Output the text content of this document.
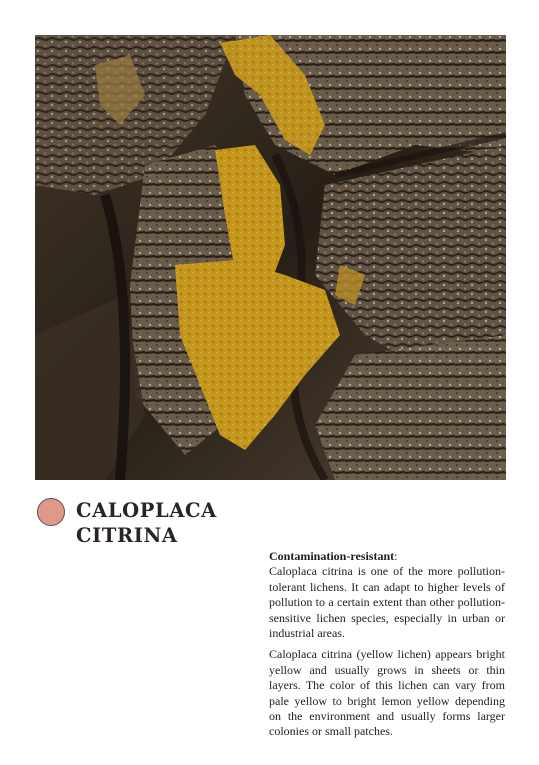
CALOPLACA
CITRINA

Contamination-resistant:
Caloplaca citrina is one of the more pollution-tolerant lichens. It can adapt to higher levels of pollution to a certain extent than other pollution-sensitive lichen species, especially in urban or industrial areas.

Caloplaca citrina (yellow lichen) appears bright yellow and usually grows in sheets or thin layers. The color of this lichen can vary from pale yellow to bright lemon yellow depending on the environment and usually forms larger colonies or small patches.
